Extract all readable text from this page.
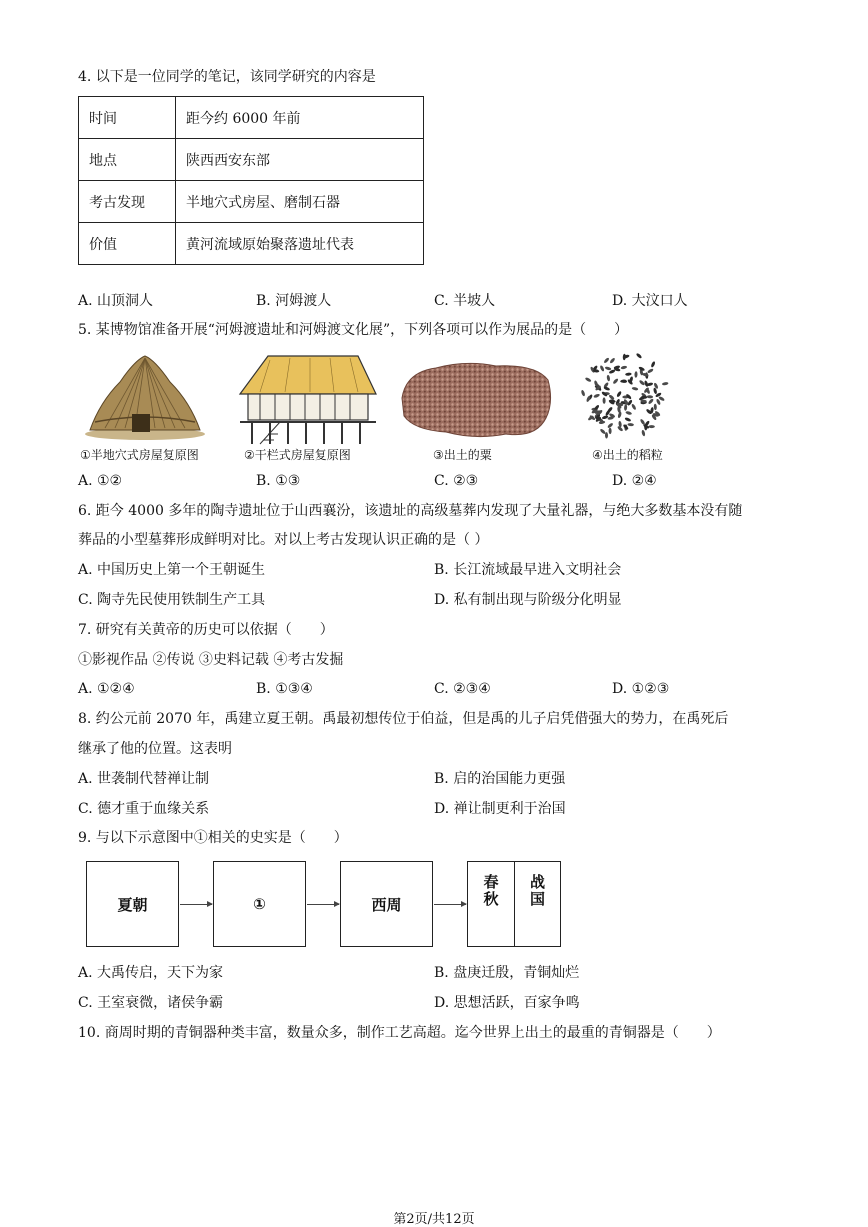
4. 以下是一位同学的笔记，该同学研究的内容是
时间	距今约 6000 年前
地点	陕西西安东部
考古发现	半地穴式房屋、磨制石器
价值	黄河流域原始聚落遗址代表
A. 山顶洞人	B. 河姆渡人	C. 半坡人	D. 大汶口人
5. 某博物馆准备开展“河姆渡遗址和河姆渡文化展”，下列各项可以作为展品的是（　　）
①半地穴式房屋复原图	②干栏式房屋复原图	③出土的粟	④出土的稻粒
A. ①②	B. ①③	C. ②③	D. ②④
6. 距今 4000 多年的陶寺遗址位于山西襄汾，该遗址的高级墓葬内发现了大量礼器，与绝大多数基本没有随
葬品的小型墓葬形成鲜明对比。对以上考古发现认识正确的是（ ）
A. 中国历史上第一个王朝诞生	B. 长江流域最早进入文明社会
C. 陶寺先民使用铁制生产工具	D. 私有制出现与阶级分化明显
7. 研究有关黄帝的历史可以依据（　　）
①影视作品 ②传说 ③史料记载 ④考古发掘
A. ①②④	B. ①③④	C. ②③④	D. ①②③
8. 约公元前 2070 年，禹建立夏王朝。禹最初想传位于伯益，但是禹的儿子启凭借强大的势力，在禹死后
继承了他的位置。这表明
A. 世袭制代替禅让制	B. 启的治国能力更强
C. 德才重于血缘关系	D. 禅让制更利于治国
9. 与以下示意图中①相关的史实是（　　）
夏朝	①	西周	春秋 战国
A. 大禹传启，天下为家	B. 盘庚迁殷，青铜灿烂
C. 王室衰微，诸侯争霸	D. 思想活跃，百家争鸣
10. 商周时期的青铜器种类丰富，数量众多，制作工艺高超。迄今世界上出土的最重的青铜器是（　　）
第2页/共12页
